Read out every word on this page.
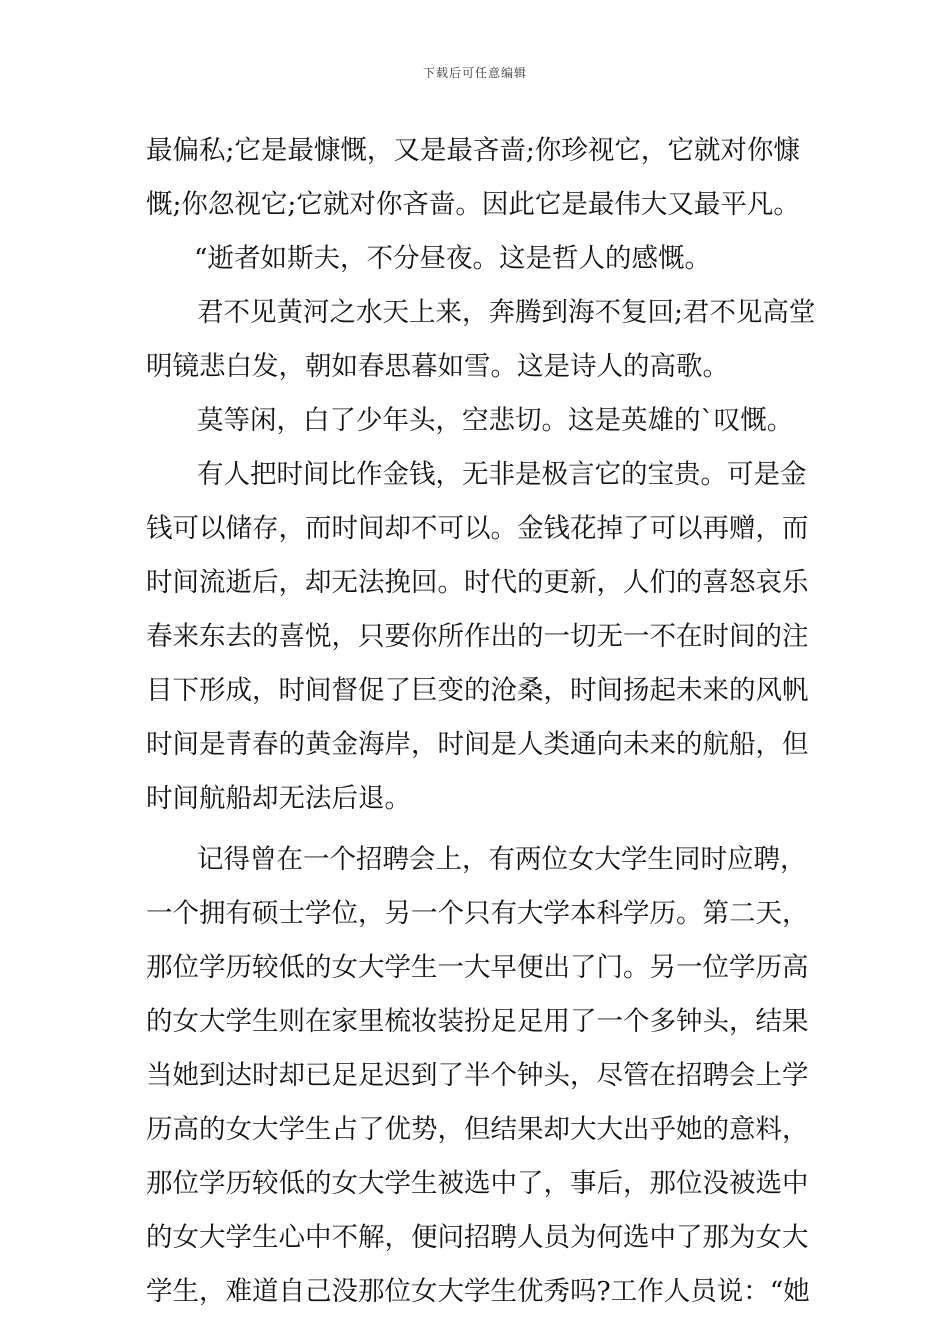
下载后可任意编辑
最偏私;它是最慷慨，又是最吝啬;你珍视它，它就对你慷
慨;你忽视它;它就对你吝啬。因此它是最伟大又最平凡。
“逝者如斯夫，不分昼夜。这是哲人的感慨。
君不见黄河之水天上来，奔腾到海不复回;君不见高堂
明镜悲白发，朝如春思暮如雪。这是诗人的高歌。
莫等闲，白了少年头，空悲切。这是英雄的`叹慨。
有人把时间比作金钱，无非是极言它的宝贵。可是金
钱可以储存，而时间却不可以。金钱花掉了可以再赠，而
时间流逝后，却无法挽回。时代的更新，人们的喜怒哀乐
春来东去的喜悦，只要你所作出的一切无一不在时间的注
目下形成，时间督促了巨变的沧桑，时间扬起未来的风帆
时间是青春的黄金海岸，时间是人类通向未来的航船，但
时间航船却无法后退。
记得曾在一个招聘会上，有两位女大学生同时应聘，
一个拥有硕士学位，另一个只有大学本科学历。第二天，
那位学历较低的女大学生一大早便出了门。另一位学历高
的女大学生则在家里梳妆装扮足足用了一个多钟头，结果
当她到达时却已足足迟到了半个钟头，尽管在招聘会上学
历高的女大学生占了优势，但结果却大大出乎她的意料，
那位学历较低的女大学生被选中了，事后，那位没被选中
的女大学生心中不解，便问招聘人员为何选中了那为女大
学生，难道自己没那位女大学生优秀吗?工作人员说：“她
